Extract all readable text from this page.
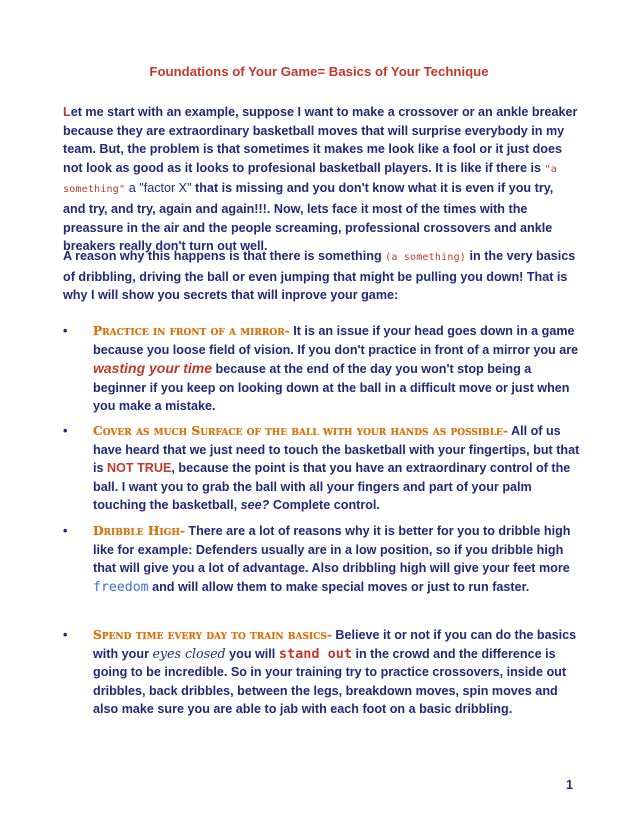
Foundations of Your Game= Basics of Your Technique
Let me start with an example, suppose I want to make a crossover or an ankle breaker because they are extraordinary basketball moves that will surprise everybody in my team. But, the problem is that sometimes it makes me look like a fool or it just does not look as good as it looks to profesional basketball players. It is like if there is "a something" a "factor X" that is missing and you don't know what it is even if you try, and try, and try, again and again!!!. Now, lets face it most of the times with the preassure in the air and the people screaming, professional crossovers and ankle breakers really don't turn out well.
A reason why this happens is that there is something (a something) in the very basics of dribbling, driving the ball or even jumping that might be pulling you down! That is why I will show you secrets that will inprove your game:
•	Practice in front of a mirror- It is an issue if your head goes down in a game because you loose field of vision. If you don't practice in front of a mirror you are wasting your time because at the end of the day you won't stop being a beginner if you keep on looking down at the ball in a difficult move or just when you make a mistake.
•	Cover as much Surface of the ball with your hands as possible- All of us have heard that we just need to touch the basketball with your fingertips, but that is NOT TRUE, because the point is that you have an extraordinary control of the ball. I want you to grab the ball with all your fingers and part of your palm touching the basketball, see? Complete control.
•	Dribble High- There are a lot of reasons why it is better for you to dribble high like for example: Defenders usually are in a low position, so if you dribble high that will give you a lot of advantage. Also dribbling high will give your feet more freedom and will allow them to make special moves or just to run faster.
•	Spend time every day to train basics- Believe it or not if you can do the basics with your eyes closed you will stand out in the crowd and the difference is going to be incredible. So in your training try to practice crossovers, inside out dribbles, back dribbles, between the legs, breakdown moves, spin moves and also make sure you are able to jab with each foot on a basic dribbling.
1
